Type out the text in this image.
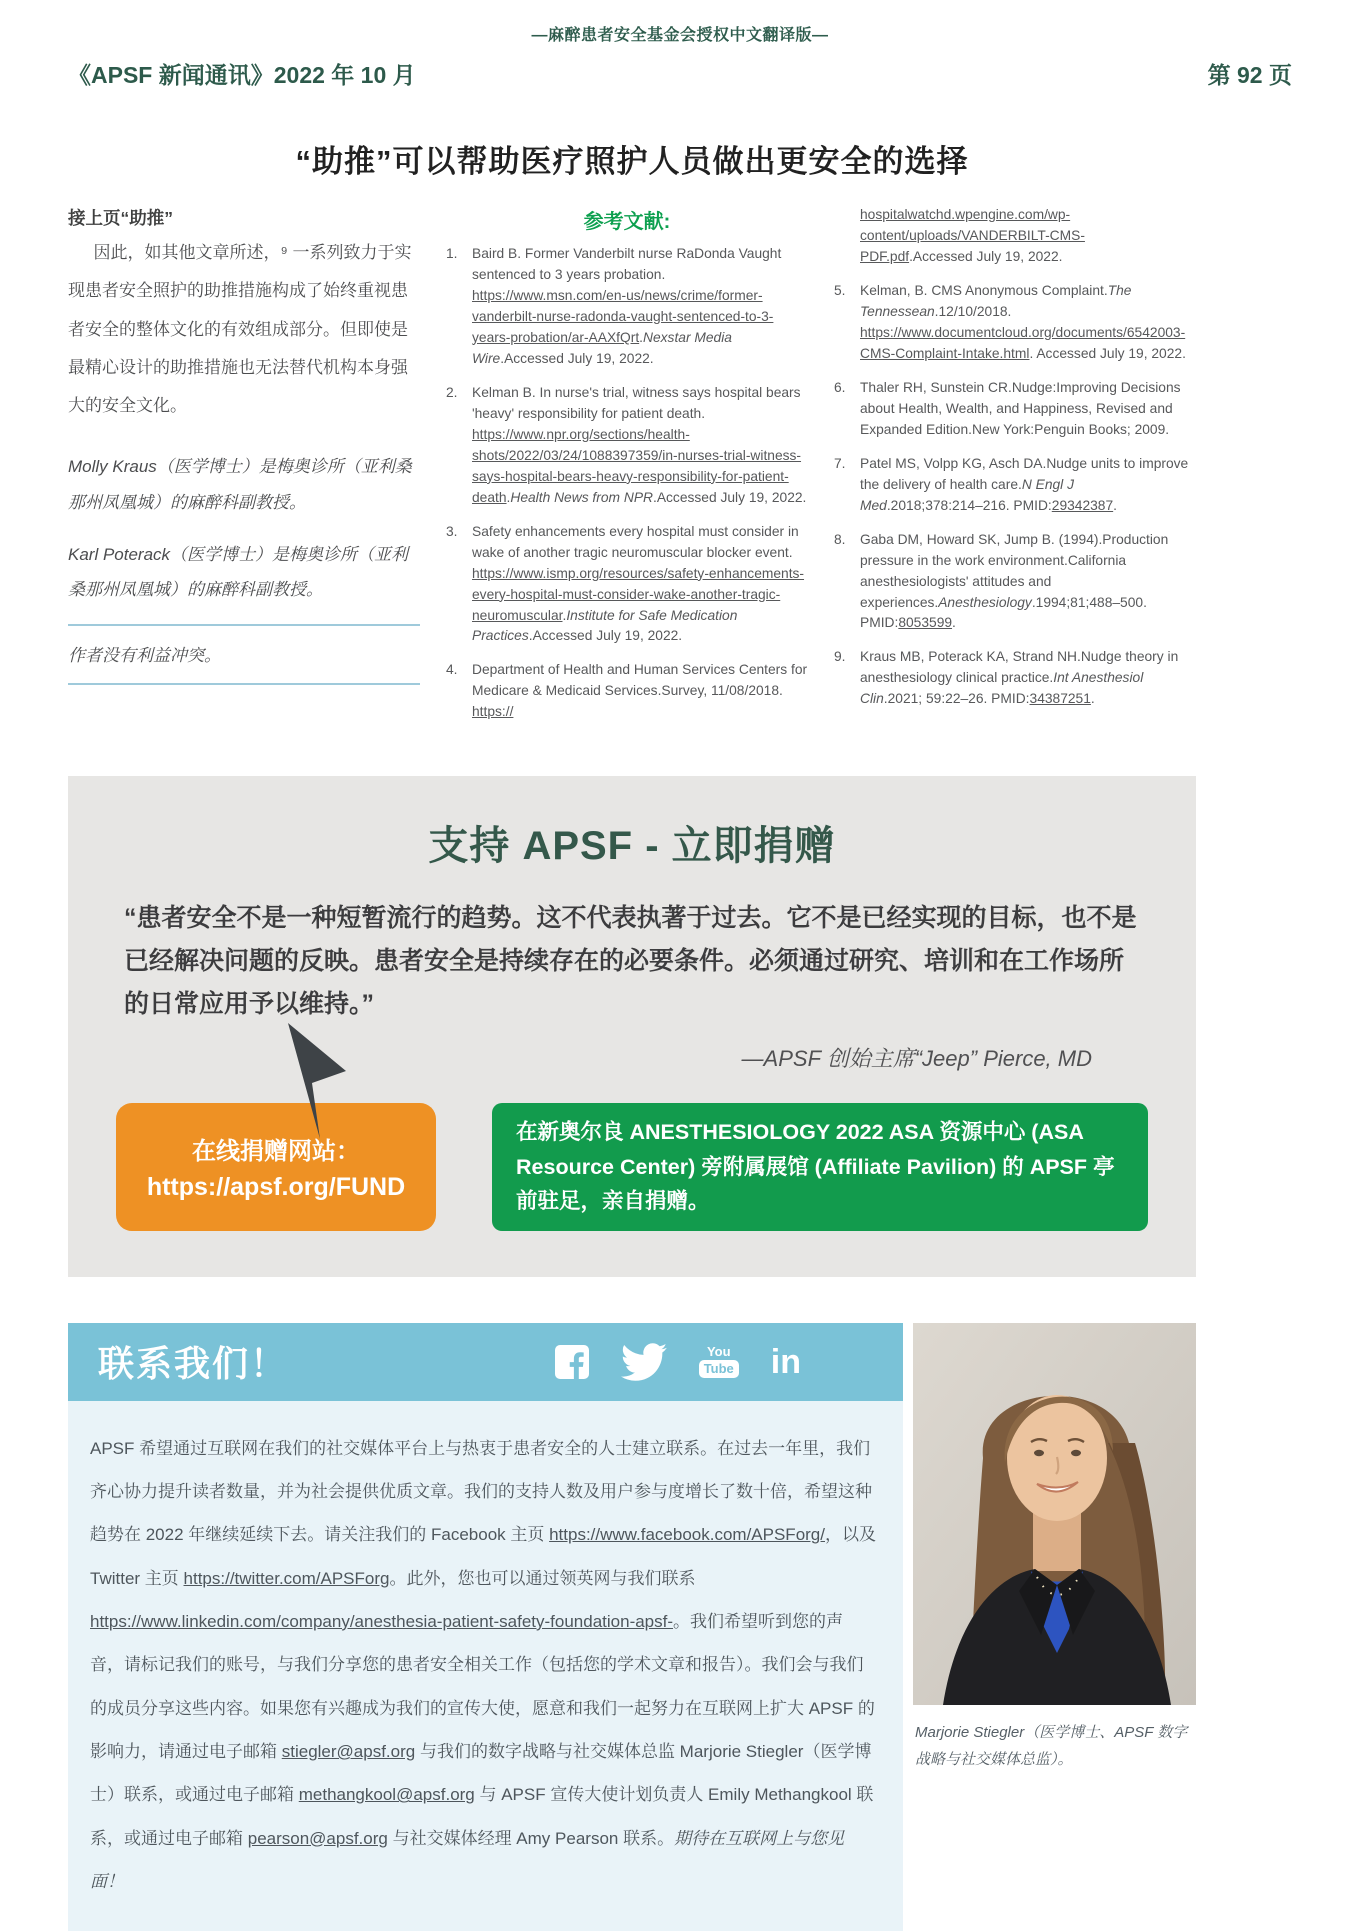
—麻醉患者安全基金会授权中文翻译版—
《APSF 新闻通讯》2022 年 10 月	第 92 页
“助推”可以帮助医疗照护人员做出更安全的选择
接上页“助推”

因此，如其他文章所述，⁹ 一系列致力于实现患者安全照护的助推措施构成了始终重视患者安全的整体文化的有效组成部分。但即使是最精心设计的助推措施也无法替代机构本身强大的安全文化。

Molly Kraus（医学博士）是梅奥诊所（亚利桑那州凤凰城）的麻醉科副教授。

Karl Poterack（医学博士）是梅奥诊所（亚利桑那州凤凰城）的麻醉科副教授。

作者没有利益冲突。
参考文献:
1.	Baird B. Former Vanderbilt nurse RaDonda Vaught sentenced to 3 years probation. https://www.msn.com/en-us/news/crime/former-vanderbilt-nurse-radonda-vaught-sentenced-to-3-years-probation/ar-AAXfQrt.Nexstar Media Wire.Accessed July 19, 2022.
2.	Kelman B. In nurse's trial, witness says hospital bears 'heavy' responsibility for patient death. https://www.npr.org/sections/health-shots/2022/03/24/1088397359/in-nurses-trial-witness-says-hospital-bears-heavy-responsibility-for-patient-death.Health News from NPR.Accessed July 19, 2022.
3.	Safety enhancements every hospital must consider in wake of another tragic neuromuscular blocker event. https://www.ismp.org/resources/safety-enhancements-every-hospital-must-consider-wake-another-tragic-neuromuscular.Institute for Safe Medication Practices.Accessed July 19, 2022.
4.	Department of Health and Human Services Centers for Medicare & Medicaid Services.Survey, 11/08/2018. https://
hospitalwatchd.wpengine.com/wp-content/uploads/VANDERBILT-CMS-PDF.pdf.Accessed July 19, 2022.
5.	Kelman, B. CMS Anonymous Complaint.The Tennessean.12/10/2018. https://www.documentcloud.org/documents/6542003-CMS-Complaint-Intake.html. Accessed July 19, 2022.
6.	Thaler RH, Sunstein CR.Nudge:Improving Decisions about Health, Wealth, and Happiness, Revised and Expanded Edition.New York:Penguin Books; 2009.
7.	Patel MS, Volpp KG, Asch DA.Nudge units to improve the delivery of health care.N Engl J Med.2018;378:214–216. PMID:29342387.
8.	Gaba DM, Howard SK, Jump B. (1994).Production pressure in the work environment.California anesthesiologists' attitudes and experiences.Anesthesiology.1994;81;488–500. PMID:8053599.
9.	Kraus MB, Poterack KA, Strand NH.Nudge theory in anesthesiology clinical practice.Int Anesthesiol Clin.2021; 59:22–26. PMID:34387251.
支持 APSF - 立即捐赠

“患者安全不是一种短暂流行的趋势。这不代表执著于过去。它不是已经实现的目标，也不是已经解决问题的反映。患者安全是持续存在的必要条件。必须通过研究、培训和在工作场所的日常应用予以维持。”

—APSF 创始主席“Jeep” Pierce, MD

在线捐赠网站：
https://apsf.org/FUND
在新奥尔良 ANESTHESIOLOGY 2022 ASA 资源中心 (ASA Resource Center) 旁附属展馆 (Affiliate Pavilion) 的 APSF 亭前驻足，亲自捐赠。
联系我们！	You
Tube in
APSF 希望通过互联网在我们的社交媒体平台上与热衷于患者安全的人士建立联系。在过去一年里，我们齐心协力提升读者数量，并为社会提供优质文章。我们的支持人数及用户参与度增长了数十倍，希望这种趋势在 2022 年继续延续下去。请关注我们的 Facebook 主页 https://www.facebook.com/APSForg/，以及 Twitter 主页 https://twitter.com/APSForg。此外，您也可以通过领英网与我们联系 https://www.linkedin.com/company/anesthesia-patient-safety-foundation-apsf-。我们希望听到您的声音，请标记我们的账号，与我们分享您的患者安全相关工作（包括您的学术文章和报告）。我们会与我们的成员分享这些内容。如果您有兴趣成为我们的宣传大使，愿意和我们一起努力在互联网上扩大 APSF 的影响力，请通过电子邮箱 stiegler@apsf.org 与我们的数字战略与社交媒体总监 Marjorie Stiegler（医学博士）联系，或通过电子邮箱 methangkool@apsf.org 与 APSF 宣传大使计划负责人 Emily Methangkool 联系，或通过电子邮箱 pearson@apsf.org 与社交媒体经理 Amy Pearson 联系。期待在互联网上与您见面！

Marjorie Stiegler（医学博士、APSF 数字战略与社交媒体总监）。
